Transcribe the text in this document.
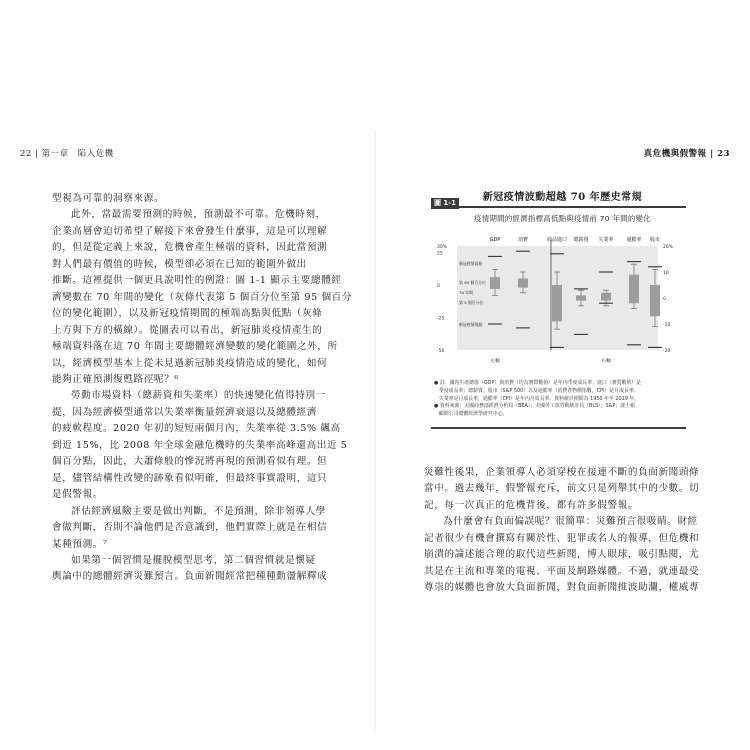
22 | 第一章　陷入危機

型視為可靠的洞察來源。

此外，當最需要預測的時候，預測最不可靠。危機時刻，

企業高層會迫切希望了解接下來會發生什麼事，這是可以理解

的，但是從定義上來說，危機會產生極端的資料，因此當預測

對人們最有價值的時候，模型卻必須在已知的範圍外做出

推斷。這裡提供一個更具說明性的例證：圖 1-1 顯示主要總體經

濟變數在 70 年間的變化（灰條代表第 5 個百分位至第 95 個百分

位的變化範圍），以及新冠疫情期間的極端高點與低點（灰條

上方與下方的橫線）。從圖表可以看出，新冠肺炎疫情產生的

極端資料落在這 70 年間主要總體經濟變數的變化範圍之外，所

以，經濟模型基本上從未見過新冠肺炎疫情造成的變化，如何

能夠正確預測復甦路徑呢？⁶

勞動市場資料（總薪資和失業率）的快速變化值得特別一

提，因為經濟模型通常以失業率衡量經濟衰退以及總體經濟

的疲軟程度。2020 年初的短短兩個月內，失業率從 3.5% 飆高

到近 15%，比 2008 年全球金融危機時的失業率高峰還高出近 5

個百分點，因此，大蕭條般的慘況將再現的預測看似有理。但

是，儘管結構性改變的跡象看似明確，但最終事實證明，這只

是假警報。

評估經濟風險主要是做出判斷，不是預測，除非領導人學

會做判斷，否則不論他們是否意識到，他們實際上就是在相信

某種預測。⁷

如果第一個習慣是擺脫模型思考，第二個習慣就是懷疑

輿論中的總體經濟災難預言。負面新聞經常把種種動盪解釋成

真危機與假警報 | 23
圖 1-1	新冠疫情波動超越 70 年歷史常規
疫情期間的經濟指標高低點與疫情前 70 年間的變化
30%
25
0
-25
-50
20%
10
0
-10
-20
GDP	消費	商品進口 總薪資 失業率	通膨率 股市
新冠疫情高點
第 95 個百分位
70 年間
第 5 個百分位
新冠疫情低點
左軸	右軸

● 註：國內生產總值（GDP）與消費（均為實際數值）是年內季度成長率；進口（實質數值）是

　季度成長率；總薪資、股市（S&P 500）以及通膨率（消費者物價指數，CPI）是月成長率；

　失業率是月成長率，通膨率（CPI）是年內月成長率。資料統計期間為 1950 年至 2019 年。

● 資料來源：美國商務部經濟分析局（BEA）；美國勞工部勞動統計局（BLS）；S&P；波士頓

　顧問公司總體經濟學研究中心。

災難性後果，企業領導人必須穿梭在接連不斷的負面新聞頭條

當中。過去幾年，假警報充斥，前文只是列舉其中的少數。切

記，每一次真正的危機背後，都有許多假警報。

為什麼會有負面偏誤呢？很簡單：災難預言很吸睛。財經

記者很少有機會撰寫有關於性、犯罪或名人的報導，但危機和

崩潰的論述能合理的取代這些新聞，博人眼球，吸引點閱，尤

其是在主流和專業的電視、平面及網路媒體。不過，就連最受

尊崇的媒體也會放大負面新聞，對負面新聞推波助瀾，權威專
